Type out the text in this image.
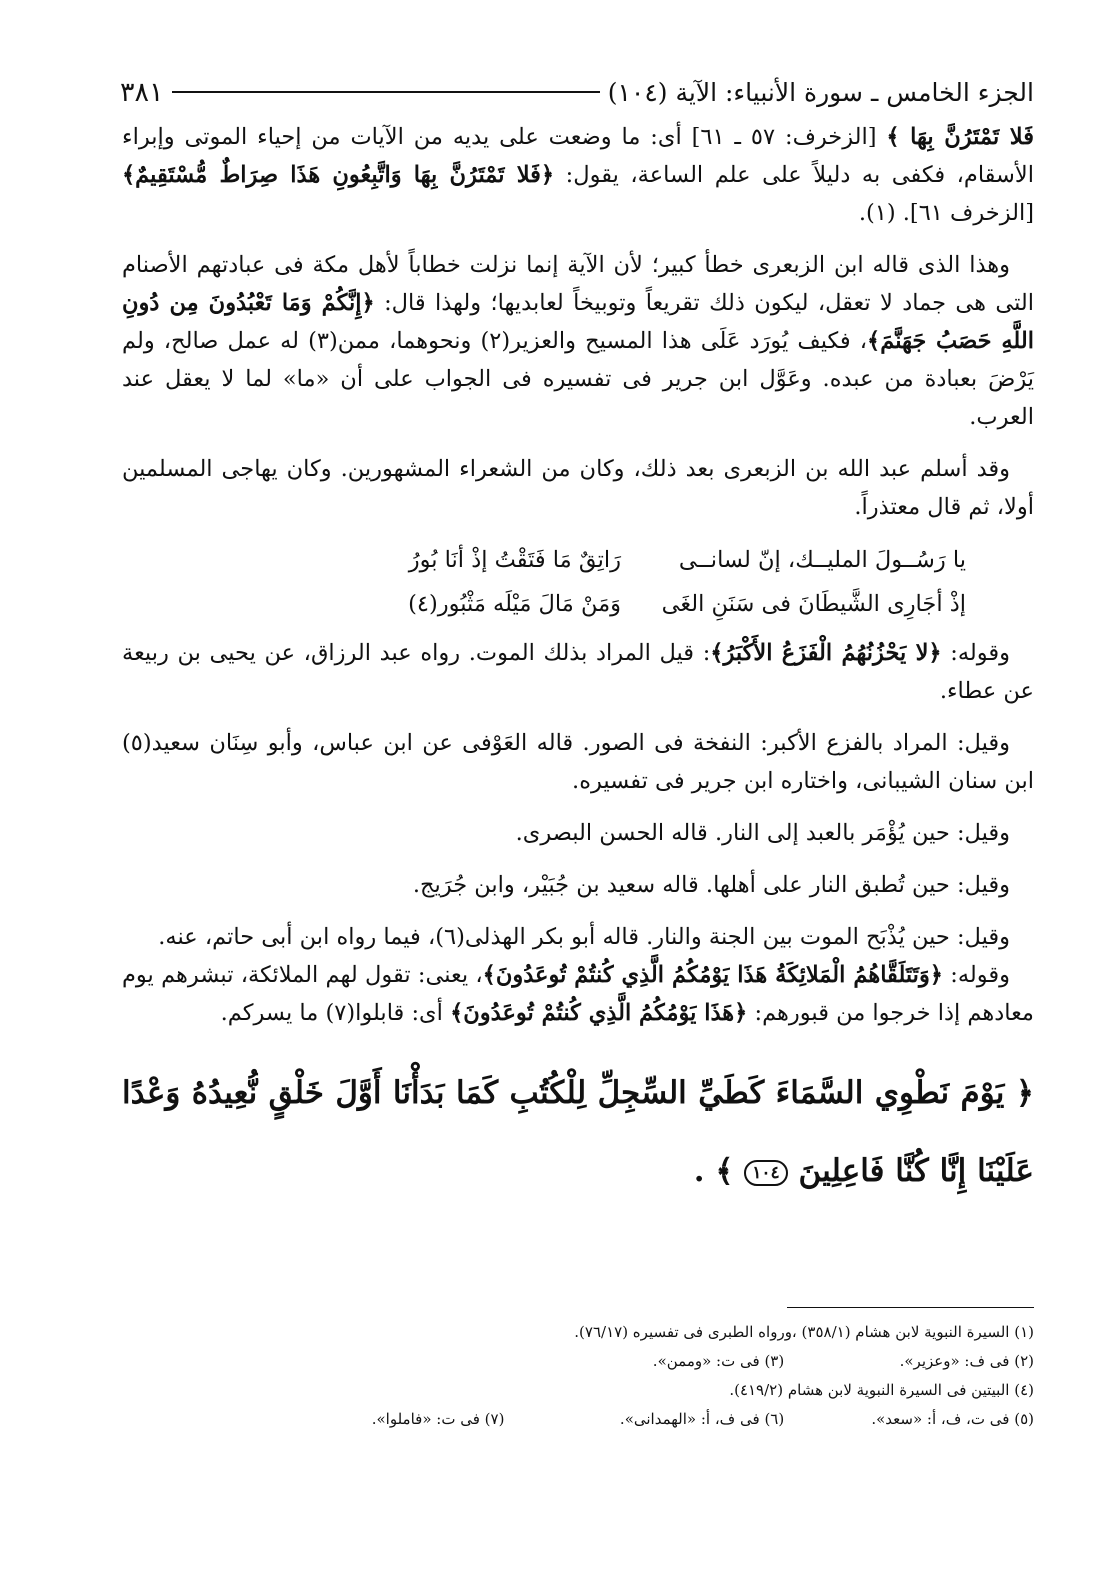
الجزء الخامس ـ سورة الأنبياء: الآية (١٠٤)
٣٨١

فَلا تَمْتَرُنَّ بِهَا ﴾ [الزخرف: ٥٧ ـ ٦١] أى: ما وضعت على يديه من الآيات من إحياء الموتى وإبراء الأسقام، فكفى به دليلاً على علم الساعة، يقول: ﴿فَلا تَمْتَرُنَّ بِهَا وَاتَّبِعُونِ هَذَا صِرَاطٌ مُّسْتَقِيمٌ﴾ [الزخرف ٦١]. (١).

وهذا الذى قاله ابن الزبعرى خطأ كبير؛ لأن الآية إنما نزلت خطاباً لأهل مكة فى عبادتهم الأصنام التى هى جماد لا تعقل، ليكون ذلك تقريعاً وتوبيخاً لعابديها؛ ولهذا قال: ﴿إِنَّكُمْ وَمَا تَعْبُدُونَ مِن دُونِ اللَّهِ حَصَبُ جَهَنَّمَ﴾، فكيف يُورَد عَلَى هذا المسيح والعزير(٢) ونحوهما، ممن(٣) له عمل صالح، ولم يَرْضَ بعبادة من عبده. وعَوَّل ابن جرير فى تفسيره فى الجواب على أن «ما» لما لا يعقل عند العرب.

وقد أسلم عبد الله بن الزبعرى بعد ذلك، وكان من الشعراء المشهورين. وكان يهاجى المسلمين أولا، ثم قال معتذراً.

يا رَسُــولَ المليــك، إنّ لسانــى
رَاتِقٌ مَا فَتَقْتُ إذْ أنَا بُورُ
إذْ أجَارِى الشَّيطَانَ فى سَنَنِ الغَى
وَمَنْ مَالَ مَيْلَه مَثْبُور(٤)

وقوله: ﴿لا يَحْزُنُهُمُ الْفَزَعُ الأَكْبَرُ﴾: قيل المراد بذلك الموت. رواه عبد الرزاق، عن يحيى بن ربيعة عن عطاء.

وقيل: المراد بالفزع الأكبر: النفخة فى الصور. قاله العَوْفى عن ابن عباس، وأبو سِنَان سعيد(٥) ابن سنان الشيبانى، واختاره ابن جرير فى تفسيره.

وقيل: حين يُؤْمَر بالعبد إلى النار. قاله الحسن البصرى.

وقيل: حين تُطبق النار على أهلها. قاله سعيد بن جُبَيْر، وابن جُرَيج.

وقيل: حين يُذْبَح الموت بين الجنة والنار. قاله أبو بكر الهذلى(٦)، فيما رواه ابن أبى حاتم، عنه.

وقوله: ﴿وَتَتَلَقَّاهُمُ الْمَلائِكَةُ هَذَا يَوْمُكُمُ الَّذِي كُنتُمْ تُوعَدُونَ﴾، يعنى: تقول لهم الملائكة، تبشرهم يوم معادهم إذا خرجوا من قبورهم: ﴿هَذَا يَوْمُكُمُ الَّذِي كُنتُمْ تُوعَدُونَ﴾ أى: قابلوا(٧) ما يسركم.

﴿ يَوْمَ نَطْوِي السَّمَاءَ كَطَيِّ السِّجِلِّ لِلْكُتُبِ كَمَا بَدَأْنَا أَوَّلَ خَلْقٍ نُّعِيدُهُ وَعْدًا عَلَيْنَا إِنَّا كُنَّا فَاعِلِينَ ١٠٤ ﴾ .
(١) السيرة النبوية لابن هشام (٣٥٨/١) ،ورواه الطبرى فى تفسيره (٧٦/١٧).
(٢) فى ف: «وعزير». (٣) فى ت: «وممن».
(٤) البيتين فى السيرة النبوية لابن هشام (٤١٩/٢).
(٥) فى ت، ف، أ: «سعد». (٦) فى ف، أ: «الهمدانى». (٧) فى ت: «فاملوا».
